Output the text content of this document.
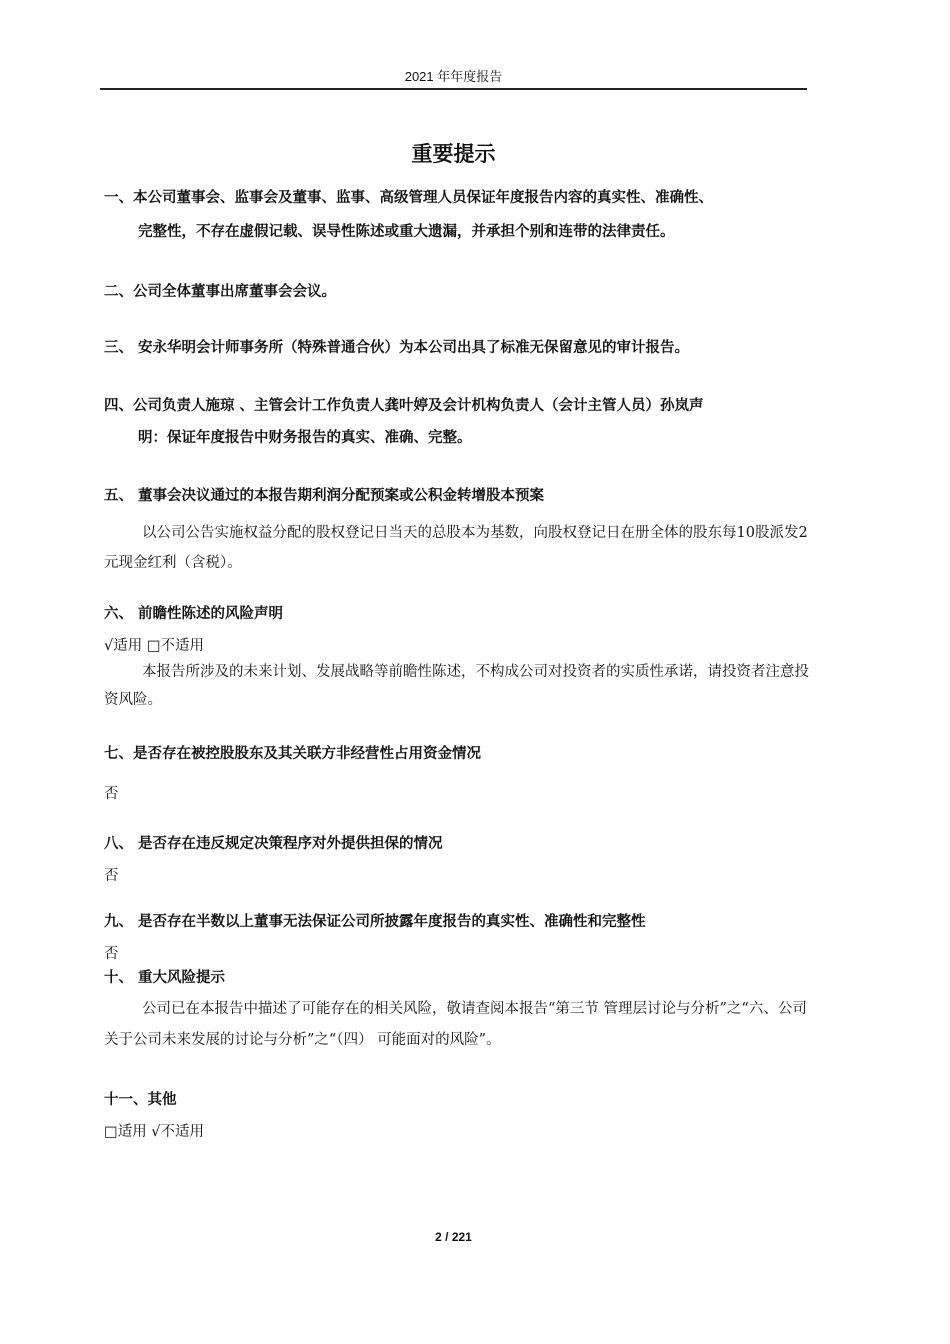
2021 年年度报告
重要提示

一、本公司董事会、监事会及董事、监事、高级管理人员保证年度报告内容的真实性、准确性、

完整性，不存在虚假记载、误导性陈述或重大遗漏，并承担个别和连带的法律责任。

二、公司全体董事出席董事会会议。

三、 安永华明会计师事务所（特殊普通合伙）为本公司出具了标准无保留意见的审计报告。

四、公司负责人施琼 、主管会计工作负责人龚叶婷及会计机构负责人（会计主管人员）孙岚声

明：保证年度报告中财务报告的真实、准确、完整。

五、 董事会决议通过的本报告期利润分配预案或公积金转增股本预案

以公司公告实施权益分配的股权登记日当天的总股本为基数，向股权登记日在册全体的股东每10股派发2元现金红利（含税）。

六、 前瞻性陈述的风险声明

√适用 □不适用

本报告所涉及的未来计划、发展战略等前瞻性陈述，不构成公司对投资者的实质性承诺，请投资者注意投资风险。

七、是否存在被控股股东及其关联方非经营性占用资金情况

否

八、 是否存在违反规定决策程序对外提供担保的情况

否

九、 是否存在半数以上董事无法保证公司所披露年度报告的真实性、准确性和完整性

否

十、 重大风险提示

公司已在本报告中描述了可能存在的相关风险，敬请查阅本报告“第三节 管理层讨论与分析”之“六、公司关于公司未来发展的讨论与分析”之“（四） 可能面对的风险”。

十一、其他

□适用 √不适用

2 / 221
